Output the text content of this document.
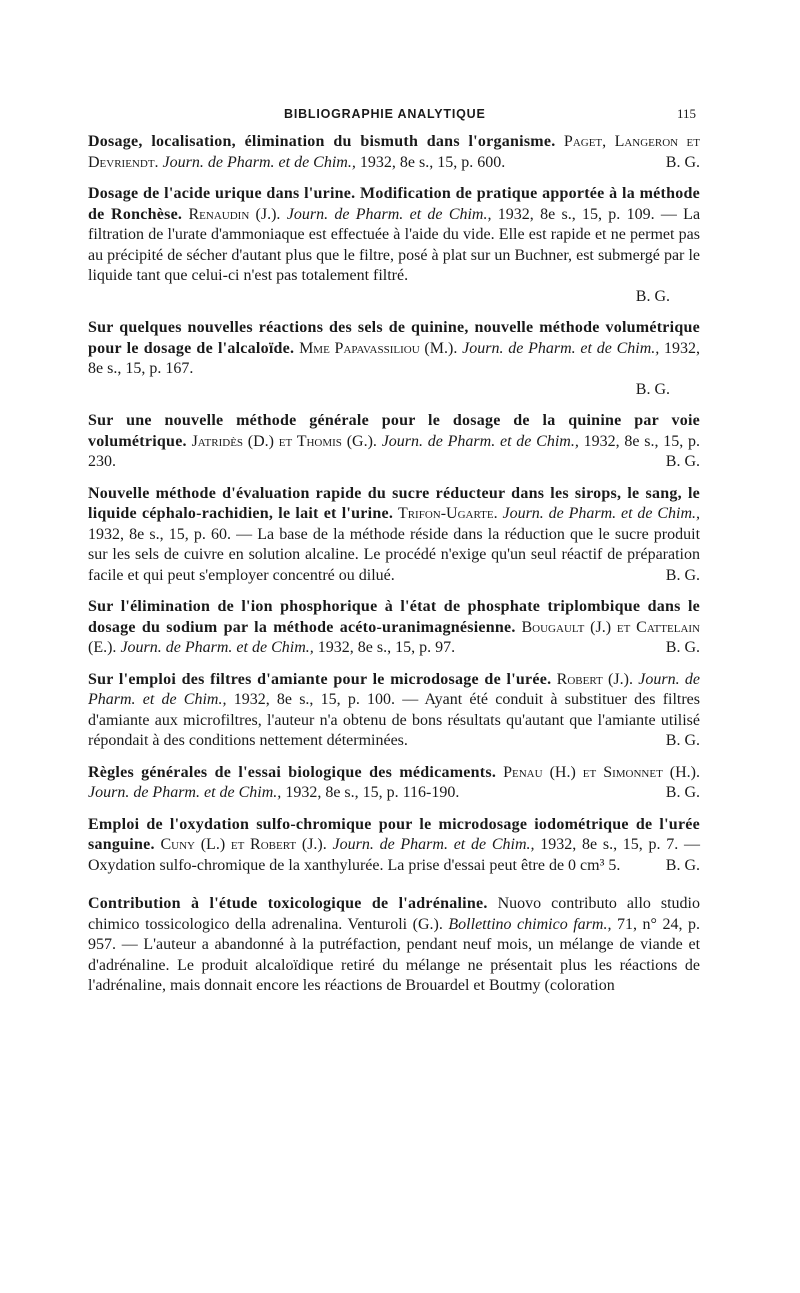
BIBLIOGRAPHIE ANALYTIQUE	115

Dosage, localisation, élimination du bismuth dans l'organisme. Paget, Langeron et Devriendt. Journ. de Pharm. et de Chim., 1932, 8e s., 15, p. 600.	B. G.

Dosage de l'acide urique dans l'urine. Modification de pratique apportée à la méthode de Ronchèse. Renaudin (J.). Journ. de Pharm. et de Chim., 1932, 8e s., 15, p. 109. — La filtration de l'urate d'ammoniaque est effectuée à l'aide du vide. Elle est rapide et ne permet pas au précipité de sécher d'autant plus que le filtre, posé à plat sur un Buchner, est submergé par le liquide tant que celui-ci n'est pas totalement filtré.

B. G.

Sur quelques nouvelles réactions des sels de quinine, nouvelle méthode volumétrique pour le dosage de l'alcaloïde. Mme Papavassiliou (M.). Journ. de Pharm. et de Chim., 1932, 8e s., 15, p. 167.

B. G.

Sur une nouvelle méthode générale pour le dosage de la quinine par voie volumétrique. Jatridès (D.) et Thomis (G.). Journ. de Pharm. et de Chim., 1932, 8e s., 15, p. 230.	B. G.

Nouvelle méthode d'évaluation rapide du sucre réducteur dans les sirops, le sang, le liquide céphalo-rachidien, le lait et l'urine. Trifon-Ugarte. Journ. de Pharm. et de Chim., 1932, 8e s., 15, p. 60. — La base de la méthode réside dans la réduction que le sucre produit sur les sels de cuivre en solution alcaline. Le procédé n'exige qu'un seul réactif de préparation facile et qui peut s'employer concentré ou dilué.	B. G.

Sur l'élimination de l'ion phosphorique à l'état de phosphate triplombique dans le dosage du sodium par la méthode acéto-uranimagnésienne. Bougault (J.) et Cattelain (E.). Journ. de Pharm. et de Chim., 1932, 8e s., 15, p. 97.	B. G.

Sur l'emploi des filtres d'amiante pour le microdosage de l'urée. Robert (J.). Journ. de Pharm. et de Chim., 1932, 8e s., 15, p. 100. — Ayant été conduit à substituer des filtres d'amiante aux microfiltres, l'auteur n'a obtenu de bons résultats qu'autant que l'amiante utilisé répondait à des conditions nettement déterminées.	B. G.

Règles générales de l'essai biologique des médicaments. Penau (H.) et Simonnet (H.). Journ. de Pharm. et de Chim., 1932, 8e s., 15, p. 116-190.	B. G.

Emploi de l'oxydation sulfo-chromique pour le microdosage iodométrique de l'urée sanguine. Cuny (L.) et Robert (J.). Journ. de Pharm. et de Chim., 1932, 8e s., 15, p. 7. — Oxydation sulfo-chromique de la xanthylurée. La prise d'essai peut être de 0 cm³ 5.	B. G.

Contribution à l'étude toxicologique de l'adrénaline. Nuovo contributo allo studio chimico tossicologico della adrenalina. Venturoli (G.). Bollettino chimico farm., 71, n° 24, p. 957. — L'auteur a abandonné à la putréfaction, pendant neuf mois, un mélange de viande et d'adrénaline. Le produit alcaloïdique retiré du mélange ne présentait plus les réactions de l'adrénaline, mais donnait encore les réactions de Brouardel et Boutmy (coloration
